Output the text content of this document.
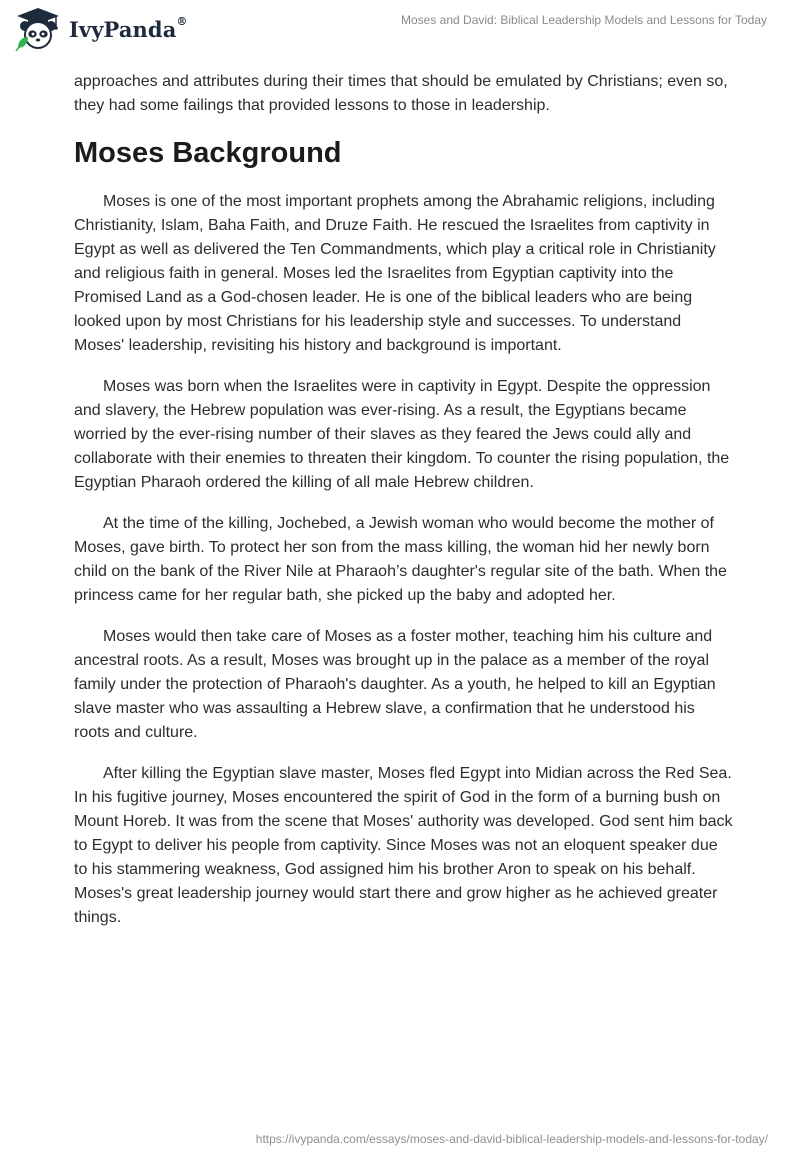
IvyPanda®	Moses and David: Biblical Leadership Models and Lessons for Today

approaches and attributes during their times that should be emulated by Christians; even so, they had some failings that provided lessons to those in leadership.

Moses Background

Moses is one of the most important prophets among the Abrahamic religions, including Christianity, Islam, Baha Faith, and Druze Faith. He rescued the Israelites from captivity in Egypt as well as delivered the Ten Commandments, which play a critical role in Christianity and religious faith in general. Moses led the Israelites from Egyptian captivity into the Promised Land as a God-chosen leader. He is one of the biblical leaders who are being looked upon by most Christians for his leadership style and successes. To understand Moses' leadership, revisiting his history and background is important.

Moses was born when the Israelites were in captivity in Egypt. Despite the oppression and slavery, the Hebrew population was ever-rising. As a result, the Egyptians became worried by the ever-rising number of their slaves as they feared the Jews could ally and collaborate with their enemies to threaten their kingdom. To counter the rising population, the Egyptian Pharaoh ordered the killing of all male Hebrew children.

At the time of the killing, Jochebed, a Jewish woman who would become the mother of Moses, gave birth. To protect her son from the mass killing, the woman hid her newly born child on the bank of the River Nile at Pharaoh’s daughter's regular site of the bath. When the princess came for her regular bath, she picked up the baby and adopted her.

Moses would then take care of Moses as a foster mother, teaching him his culture and ancestral roots. As a result, Moses was brought up in the palace as a member of the royal family under the protection of Pharaoh's daughter. As a youth, he helped to kill an Egyptian slave master who was assaulting a Hebrew slave, a confirmation that he understood his roots and culture.

After killing the Egyptian slave master, Moses fled Egypt into Midian across the Red Sea. In his fugitive journey, Moses encountered the spirit of God in the form of a burning bush on Mount Horeb. It was from the scene that Moses' authority was developed. God sent him back to Egypt to deliver his people from captivity. Since Moses was not an eloquent speaker due to his stammering weakness, God assigned him his brother Aron to speak on his behalf. Moses's great leadership journey would start there and grow higher as he achieved greater things.

https://ivypanda.com/essays/moses-and-david-biblical-leadership-models-and-lessons-for-today/
